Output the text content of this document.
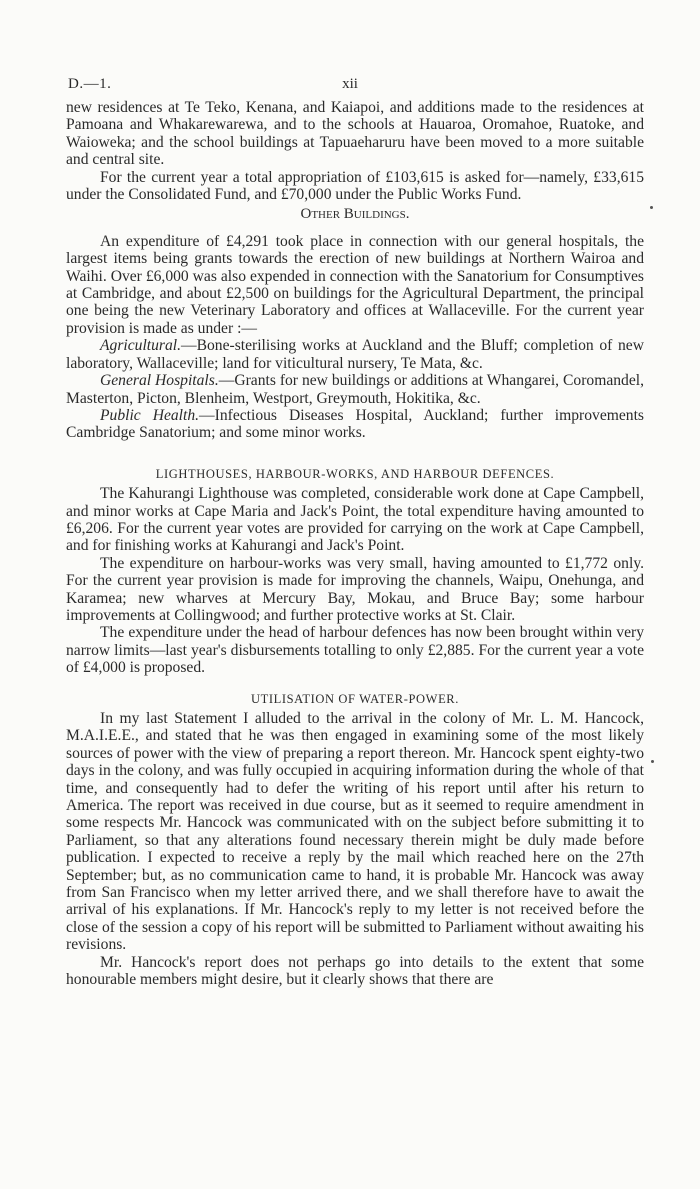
D.—1.	xii

new residences at Te Teko, Kenana, and Kaiapoi, and additions made to the residences at Pamoana and Whakarewarewa, and to the schools at Hauaroa, Oromahoe, Ruatoke, and Waioweka; and the school buildings at Tapuaeharuru have been moved to a more suitable and central site.

For the current year a total appropriation of £103,615 is asked for—namely, £33,615 under the Consolidated Fund, and £70,000 under the Public Works Fund.

Other Buildings.

An expenditure of £4,291 took place in connection with our general hospitals, the largest items being grants towards the erection of new buildings at Northern Wairoa and Waihi. Over £6,000 was also expended in connection with the Sanatorium for Consumptives at Cambridge, and about £2,500 on buildings for the Agricultural Department, the principal one being the new Veterinary Laboratory and offices at Wallaceville. For the current year provision is made as under :—

Agricultural.—Bone-sterilising works at Auckland and the Bluff; completion of new laboratory, Wallaceville; land for viticultural nursery, Te Mata, &c.

General Hospitals.—Grants for new buildings or additions at Whangarei, Coromandel, Masterton, Picton, Blenheim, Westport, Greymouth, Hokitika, &c.

Public Health.—Infectious Diseases Hospital, Auckland; further improvements Cambridge Sanatorium; and some minor works.

LIGHTHOUSES, HARBOUR-WORKS, AND HARBOUR DEFENCES.

The Kahurangi Lighthouse was completed, considerable work done at Cape Campbell, and minor works at Cape Maria and Jack's Point, the total expenditure having amounted to £6,206. For the current year votes are provided for carrying on the work at Cape Campbell, and for finishing works at Kahurangi and Jack's Point.

The expenditure on harbour-works was very small, having amounted to £1,772 only. For the current year provision is made for improving the channels, Waipu, Onehunga, and Karamea; new wharves at Mercury Bay, Mokau, and Bruce Bay; some harbour improvements at Collingwood; and further protective works at St. Clair.

The expenditure under the head of harbour defences has now been brought within very narrow limits—last year's disbursements totalling to only £2,885. For the current year a vote of £4,000 is proposed.

UTILISATION OF WATER-POWER.

In my last Statement I alluded to the arrival in the colony of Mr. L. M. Hancock, M.A.I.E.E., and stated that he was then engaged in examining some of the most likely sources of power with the view of preparing a report thereon. Mr. Hancock spent eighty-two days in the colony, and was fully occupied in acquiring information during the whole of that time, and consequently had to defer the writing of his report until after his return to America. The report was received in due course, but as it seemed to require amendment in some respects Mr. Hancock was communicated with on the subject before submitting it to Parliament, so that any alterations found necessary therein might be duly made before publication. I expected to receive a reply by the mail which reached here on the 27th September; but, as no communication came to hand, it is probable Mr. Hancock was away from San Francisco when my letter arrived there, and we shall therefore have to await the arrival of his explanations. If Mr. Hancock's reply to my letter is not received before the close of the session a copy of his report will be submitted to Parliament without awaiting his revisions.

Mr. Hancock's report does not perhaps go into details to the extent that some honourable members might desire, but it clearly shows that there are
